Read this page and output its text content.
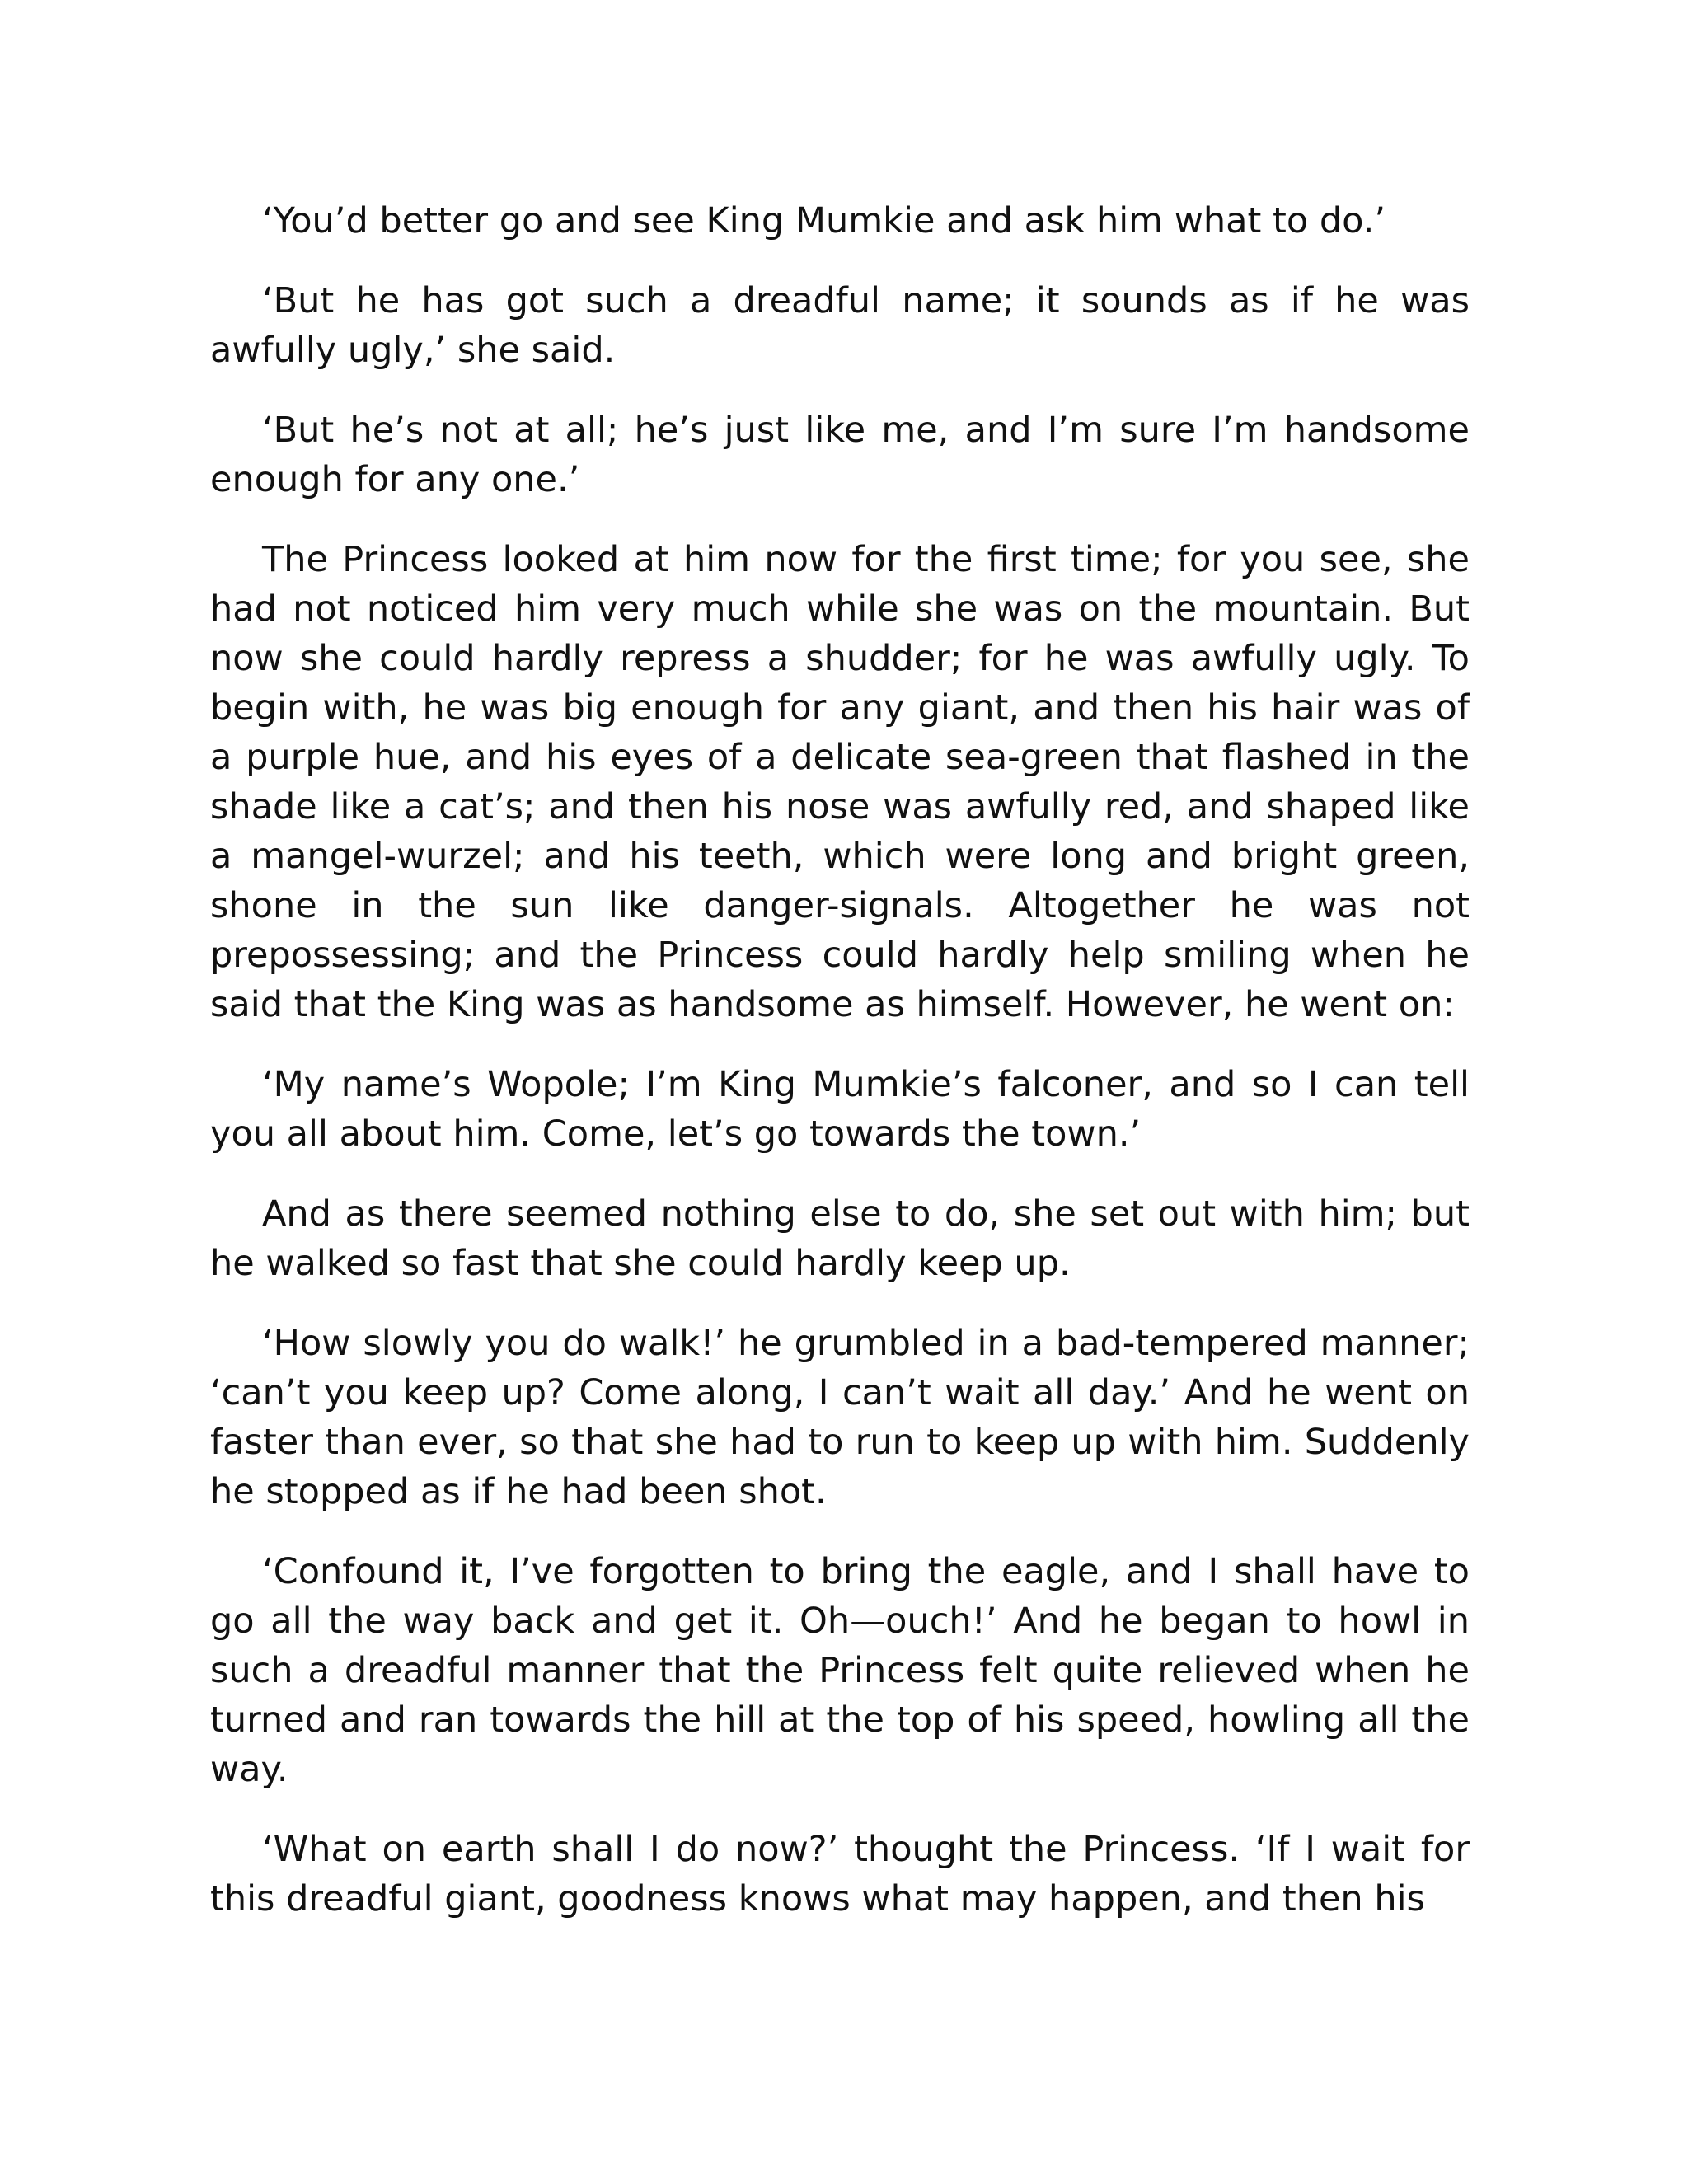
‘You’d better go and see King Mumkie and ask him what to do.’

‘But he has got such a dreadful name; it sounds as if he was awfully ugly,’ she said.

‘But he’s not at all; he’s just like me, and I’m sure I’m handsome enough for any one.’

The Princess looked at him now for the first time; for you see, she had not noticed him very much while she was on the mountain. But now she could hardly repress a shudder; for he was awfully ugly. To begin with, he was big enough for any giant, and then his hair was of a purple hue, and his eyes of a delicate sea-green that flashed in the shade like a cat’s; and then his nose was awfully red, and shaped like a mangel-wurzel; and his teeth, which were long and bright green, shone in the sun like danger-signals. Altogether he was not prepossessing; and the Princess could hardly help smiling when he said that the King was as handsome as himself. However, he went on:

‘My name’s Wopole; I’m King Mumkie’s falconer, and so I can tell you all about him. Come, let’s go towards the town.’

And as there seemed nothing else to do, she set out with him; but he walked so fast that she could hardly keep up.

‘How slowly you do walk!’ he grumbled in a bad-tempered manner; ‘can’t you keep up? Come along, I can’t wait all day.’ And he went on faster than ever, so that she had to run to keep up with him. Suddenly he stopped as if he had been shot.

‘Confound it, I’ve forgotten to bring the eagle, and I shall have to go all the way back and get it. Oh—ouch!’ And he began to howl in such a dreadful manner that the Princess felt quite relieved when he turned and ran towards the hill at the top of his speed, howling all the way.

‘What on earth shall I do now?’ thought the Princess. ‘If I wait for this dreadful giant, goodness knows what may happen, and then his
